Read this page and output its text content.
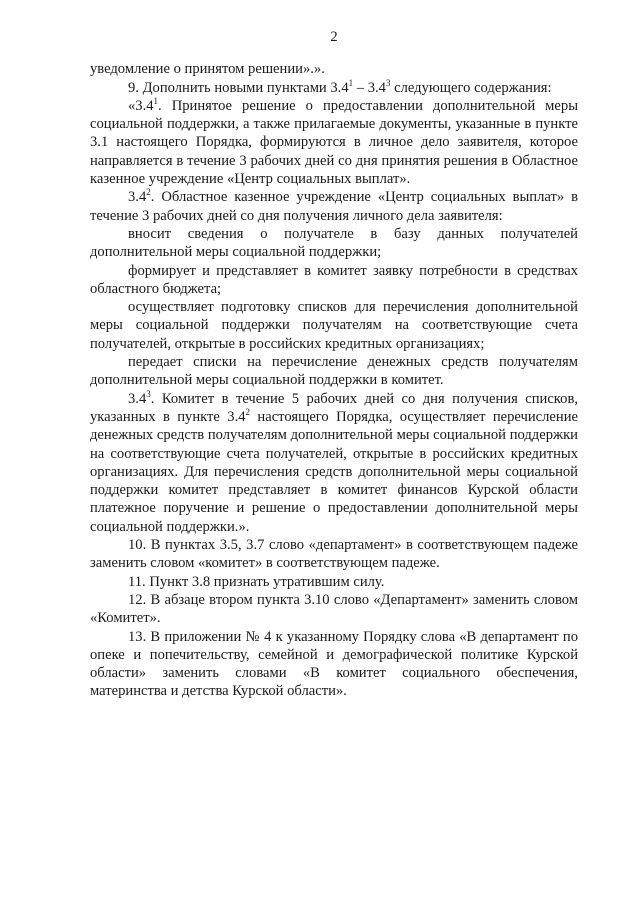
2

уведомление о принятом решении».».

9. Дополнить новыми пунктами $3.4^1 - 3.4^3$ следующего содержания:

«$3.4^1$. Принятое решение о предоставлении дополнительной меры социальной поддержки, а также прилагаемые документы, указанные в пункте 3.1 настоящего Порядка, формируются в личное дело заявителя, которое направляется в течение 3 рабочих дней со дня принятия решения в Областное казенное учреждение «Центр социальных выплат».

$3.4^2$. Областное казенное учреждение «Центр социальных выплат» в течение 3 рабочих дней со дня получения личного дела заявителя:

вносит сведения о получателе в базу данных получателей дополнительной меры социальной поддержки;

формирует и представляет в комитет заявку потребности в средствах областного бюджета;

осуществляет подготовку списков для перечисления дополнительной меры социальной поддержки получателям на соответствующие счета получателей, открытые в российских кредитных организациях;

передает списки на перечисление денежных средств получателям дополнительной меры социальной поддержки в комитет.

$3.4^3$. Комитет в течение 5 рабочих дней со дня получения списков, указанных в пункте $3.4^2$ настоящего Порядка, осуществляет перечисление денежных средств получателям дополнительной меры социальной поддержки на соответствующие счета получателей, открытые в российских кредитных организациях. Для перечисления средств дополнительной меры социальной поддержки комитет представляет в комитет финансов Курской области платежное поручение и решение о предоставлении дополнительной меры социальной поддержки.».

10. В пунктах 3.5, 3.7 слово «департамент» в соответствующем падеже заменить словом «комитет» в соответствующем падеже.

11. Пункт 3.8 признать утратившим силу.

12. В абзаце втором пункта 3.10 слово «Департамент» заменить словом «Комитет».

13. В приложении № 4 к указанному Порядку слова «В департамент по опеке и попечительству, семейной и демографической политике Курской области» заменить словами «В комитет социального обеспечения, материнства и детства Курской области».
